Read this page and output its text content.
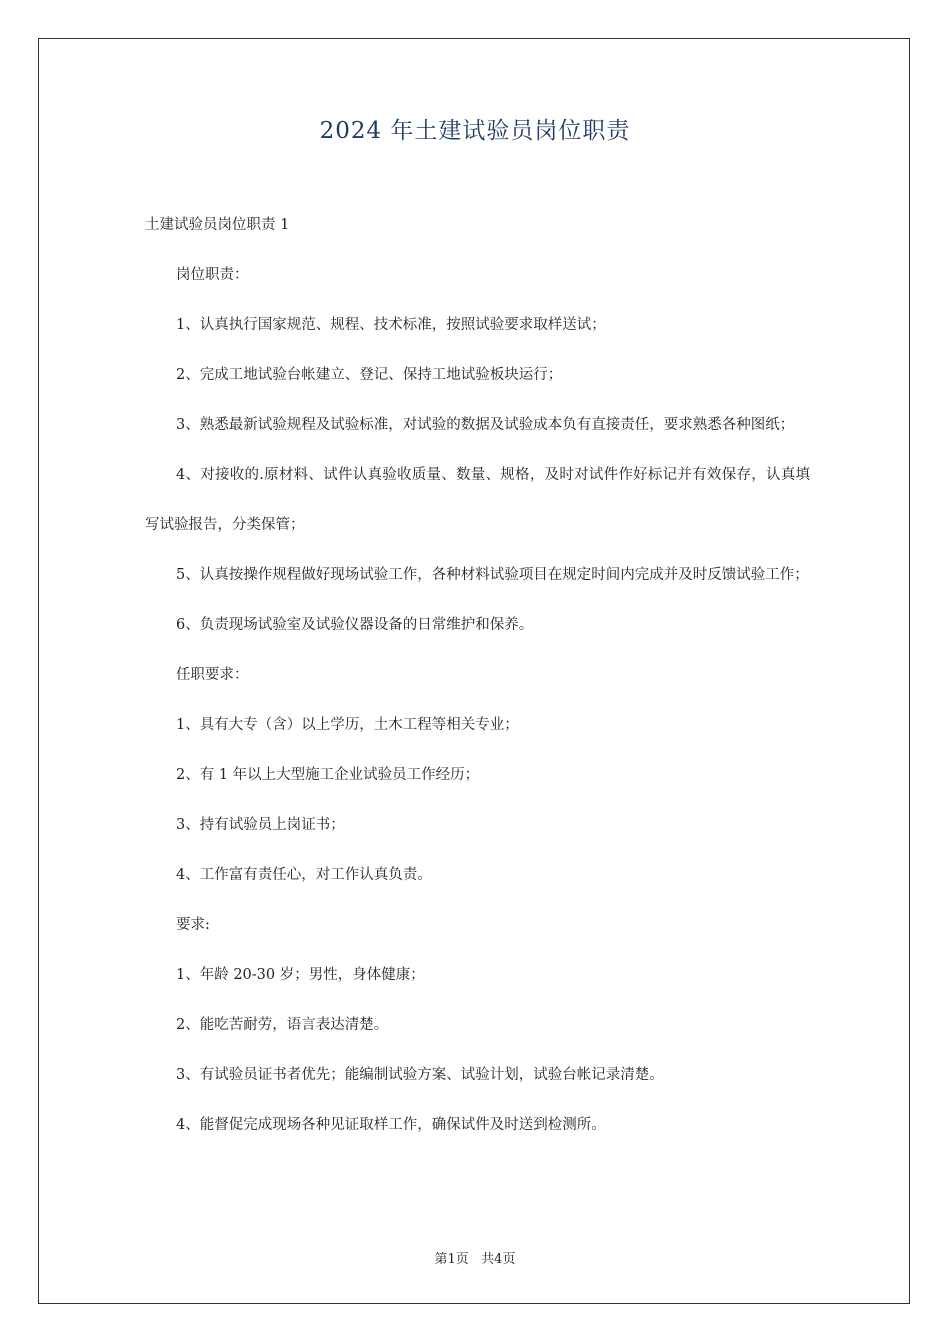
2024 年土建试验员岗位职责

土建试验员岗位职责 1

岗位职责：

1、认真执行国家规范、规程、技术标准，按照试验要求取样送试；

2、完成工地试验台帐建立、登记、保持工地试验板块运行；

3、熟悉最新试验规程及试验标准，对试验的数据及试验成本负有直接责任，要求熟悉各种图纸；

4、对接收的.原材料、试件认真验收质量、数量、规格，及时对试件作好标记并有效保存，认真填写试验报告，分类保管；

5、认真按操作规程做好现场试验工作，各种材料试验项目在规定时间内完成并及时反馈试验工作；

6、负责现场试验室及试验仪器设备的日常维护和保养。

任职要求：

1、具有大专（含）以上学历，土木工程等相关专业；

2、有 1 年以上大型施工企业试验员工作经历；

3、持有试验员上岗证书；

4、工作富有责任心，对工作认真负责。

要求:

1、年龄 20-30 岁；男性，身体健康；

2、能吃苦耐劳，语言表达清楚。

3、有试验员证书者优先；能编制试验方案、试验计划，试验台帐记录清楚。

4、能督促完成现场各种见证取样工作，确保试件及时送到检测所。

第1页   共4页
